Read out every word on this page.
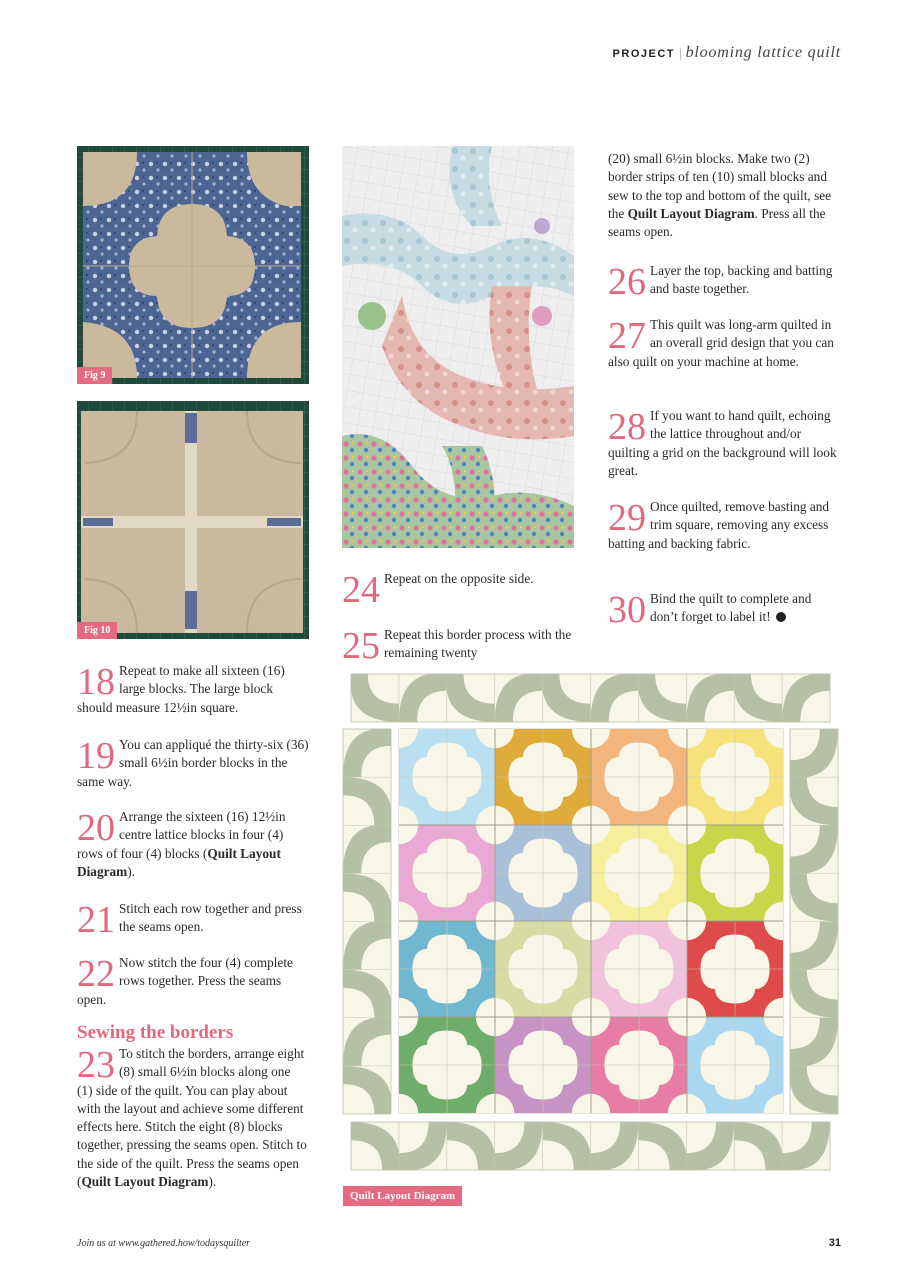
PROJECT | blooming lattice quilt
Fig 9
Fig 10
18 Repeat to make all sixteen (16) large blocks. The large block should measure 12½in square.
19 You can appliqué the thirty-six (36) small 6½in border blocks in the same way.
20 Arrange the sixteen (16) 12½in centre lattice blocks in four (4) rows of four (4) blocks (Quilt Layout Diagram).
21 Stitch each row together and press the seams open.
22 Now stitch the four (4) complete rows together. Press the seams open.
Sewing the borders
23 To stitch the borders, arrange eight (8) small 6½in blocks along one (1) side of the quilt. You can play about with the layout and achieve some different effects here. Stitch the eight (8) blocks together, pressing the seams open. Stitch to the side of the quilt. Press the seams open (Quilt Layout Diagram).
24 Repeat on the opposite side.
25 Repeat this border process with the remaining twenty
(20) small 6½in blocks. Make two (2) border strips of ten (10) small blocks and sew to the top and bottom of the quilt, see the Quilt Layout Diagram. Press all the seams open.
26 Layer the top, backing and batting and baste together.
27 This quilt was long-arm quilted in an overall grid design that you can also quilt on your machine at home.
28 If you want to hand quilt, echoing the lattice throughout and/or quilting a grid on the background will look great.
29 Once quilted, remove basting and trim square, removing any excess batting and backing fabric.
30 Bind the quilt to complete and don’t forget to label it!
Quilt Layout Diagram
Join us at www.gathered.how/todaysquilter	31
